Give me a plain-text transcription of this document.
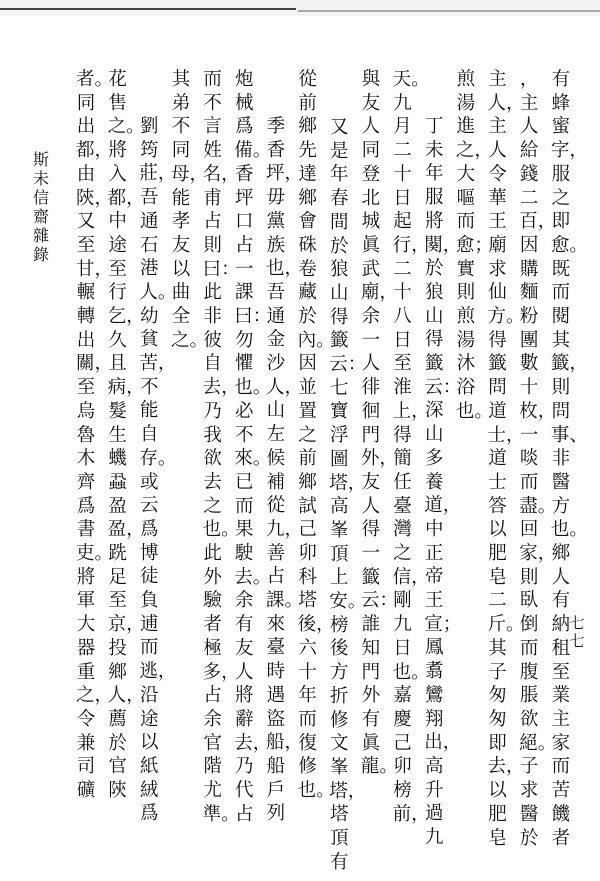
有蜂蜜字，服之即愈。既而閱其籤，則問事、非醫方也。鄉人有納租至業主家而苦饑者
，主人給錢二百，因購麵粉團數十枚，一啖而盡。回家，則臥倒而腹脹欲絕。子求醫於
主人，主人令華王廟求仙方。得籤問道士，道士答以肥皂二斤。其子匆匆即去，以肥皂
煎湯進之，大嘔而愈；實則煎湯沐浴也。
丁未年服將闋，於狼山得籤云：深山多養道，中正帝王宣；鳳翥鸞翔出，高升過九
天。九月二十日起行，二十八日至淮上，得簡任臺灣之信，剛九日也。嘉慶己卯榜前，
與友人同登北城眞武廟，余一人徘徊門外，友人得一籤云：誰知門外有眞龍。
又是年春間於狼山得籤云：七寶浮圖塔，高峯頂上安。榜後方折修文峯塔，塔頂有
從前鄉先達鄉會硃卷藏於內。因並置之前鄉試己卯科塔後，六十年而復修也。
季香坪，毋黨族也，吾通金沙人，山左候補從九，善占課。來臺時遇盜船，船戶列
炮械爲備。香坪口占一課曰：勿懼也。必不來。已而果駛去。余有友人將辭去，乃代占
而不言姓名，甫占則曰：此非彼自去，乃我欲去之也。此外驗者極多，占余官階尤準。
其弟不同母，能孝友以曲全之。
劉筠莊，吾通石港人。幼貧苦，不能自存。或云爲博徒負逋而逃，沿途以紙絨爲
花售之。將入都，中途至行乞，久且病，髮生蟣蝨盈盈，跣足至京，投鄉人，薦於官陝
者。同出都，由陝，又至甘，輾轉出關，至烏魯木齊爲書吏。將軍大器重之，令兼司礦
斯未信齋雜錄
七七
